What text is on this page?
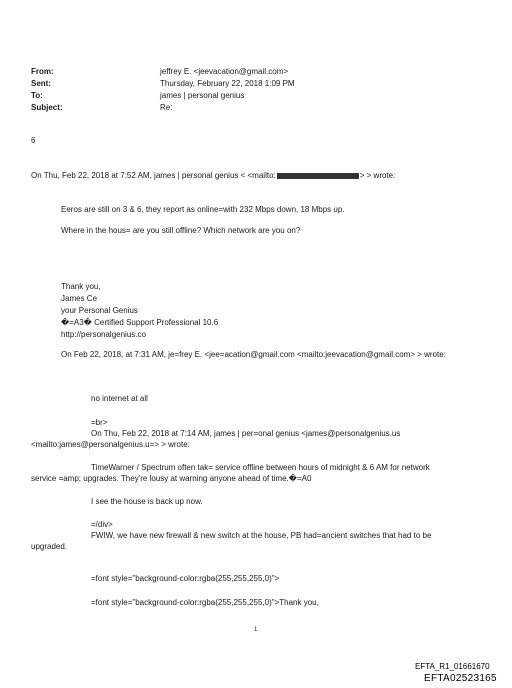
From:
Sent:
To:
Subject:
jeffrey E. <jeevacation@gmail.com>
Thursday, February 22, 2018 1:09 PM
james | personal genius
Re:
6
On Thu, Feb 22, 2018 at 7:52 AM, james | personal genius < <mailto:	> > wrote:
Eeros are still on 3 & 6, they report as online=with 232 Mbps down, 18 Mbps up.
Where in the hous= are you still offline? Which network are you on?
Thank you,
James Ce
your Personal Genius
�=A3� Certified Support Professional 10.6
http://personalgenius.co
On Feb 22, 2018, at 7:31 AM, je=frey E. <jee=acation@gmail.com <mailto:jeevacation@gmail.com> > wrote:
no internet at all
=br>
On Thu, Feb 22, 2018 at 7:14 AM, james | per=onal genius <james@personalgenius.us
<mailto:james@personalgenius.u=> > wrote:
TimeWarner / Spectrum often tak= service offline between hours of midnight & 6 AM for network
service =amp; upgrades. They're lousy at warning anyone ahead of time.�=A0
I see the house is back up now.
=/div>
FWIW, we have new firewall & new switch at the house, PB had=ancient switches that had to be
upgraded.
=font style="background-color:rgba(255,255,255,0)">
=font style="background-color:rgba(255,255,255,0)">Thank you,
1
EFTA_R1_01661670
EFTA02523165
